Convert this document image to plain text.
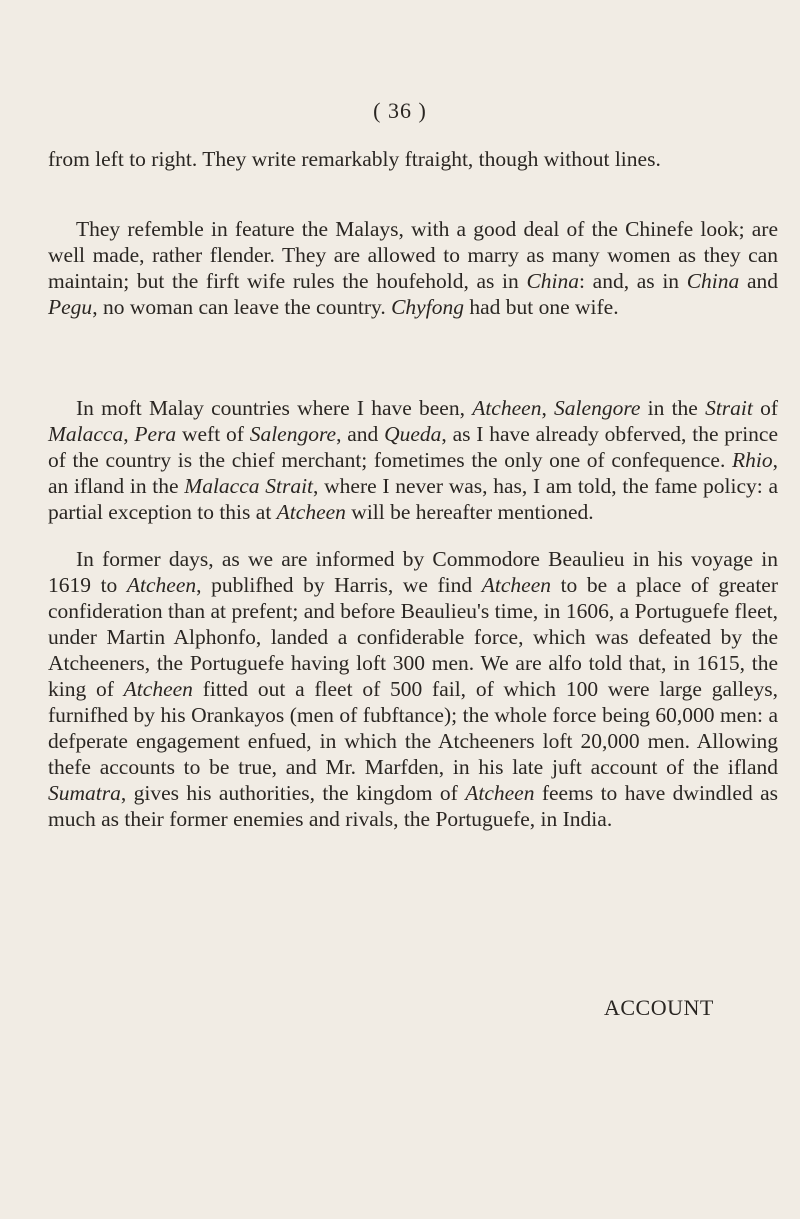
( 36 )

from left to right. They write remarkably ftraight, though without lines.

They refemble in feature the Malays, with a good deal of the Chinefe look; are well made, rather flender. They are allowed to marry as many women as they can maintain; but the firft wife rules the houfehold, as in China: and, as in China and Pegu, no woman can leave the country. Chyfong had but one wife.

In moft Malay countries where I have been, Atcheen, Salengore in the Strait of Malacca, Pera weft of Salengore, and Queda, as I have already obferved, the prince of the country is the chief merchant; fometimes the only one of confequence. Rhio, an ifland in the Malacca Strait, where I never was, has, I am told, the fame policy: a partial exception to this at Atcheen will be hereafter mentioned.

In former days, as we are informed by Commodore Beaulieu in his voyage in 1619 to Atcheen, publifhed by Harris, we find Atcheen to be a place of greater confideration than at prefent; and before Beaulieu's time, in 1606, a Portuguefe fleet, under Martin Alphonfo, landed a confiderable force, which was defeated by the Atcheeners, the Portuguefe having loft 300 men. We are alfo told that, in 1615, the king of Atcheen fitted out a fleet of 500 fail, of which 100 were large galleys, furnifhed by his Orankayos (men of fubftance); the whole force being 60,000 men: a defperate engagement enfued, in which the Atcheeners loft 20,000 men. Allowing thefe accounts to be true, and Mr. Marfden, in his late juft account of the ifland Sumatra, gives his authorities, the kingdom of Atcheen feems to have dwindled as much as their former enemies and rivals, the Portuguefe, in India.

ACCOUNT
